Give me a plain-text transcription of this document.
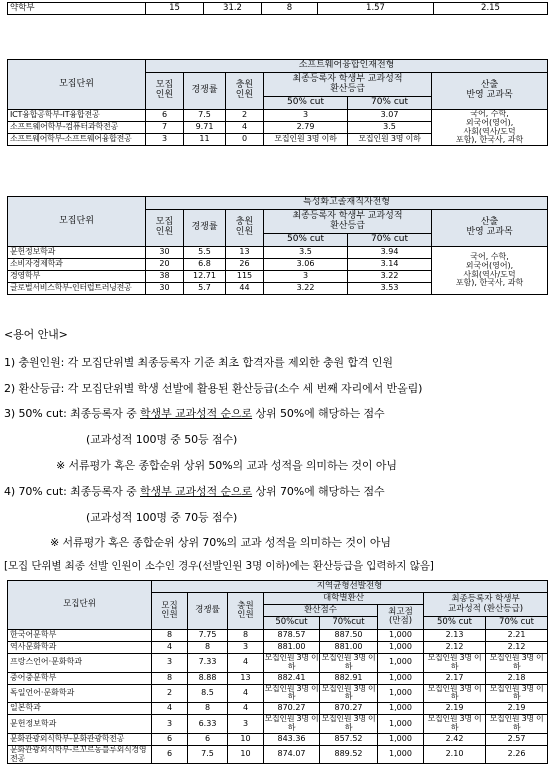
약학부	15	31.2	8	1.57	2.15
모집단위	소프트웨어융합인재전형					
	모집
인원	경쟁률	충원
인원	최종등록자 학생부 교과성적
환산등급		산출
반영 교과목

				50% cut	70% cut	
ICT융합공학부-IT융합전공	6	7.5	2	3	3.07	국어, 수학,
외국어(영어),
사회(역사/도덕
포함), 한국사, 과학
소프트웨어학부-컴퓨터과학전공	7	9.71	4	2.79	3.5	
소프트웨어학부-소프트웨어융합전공	3	11	0	모집인원 3명 이하	모집인원 3명 이하	
모집단위	특성화고졸재직자전형					
	모집
인원	경쟁률	충원
인원	최종등록자 학생부 교과성적
환산등급		산출
반영 교과목

				50% cut	70% cut	
문헌정보학과	30	5.5	13	3.5	3.94	국어, 수학,
외국어(영어),
사회(역사/도덕
포함), 한국사, 과학
소비자경제학과	20	6.8	26	3.06	3.14	
경영학부	38	12.71	115	3	3.22	
글로벌서비스학부-인터럽트러닝전공	30	5.7	44	3.22	3.53	
<용어 안내>
1) 충원인원: 각 모집단위별 최종등록자 기준 최초 합격자를 제외한 충원 합격 인원
2) 환산등급: 각 모집단위별 학생 선발에 활용된 환산등급(소수 세 번째 자리에서 반올림)
3) 50% cut: 최종등록자 중 학생부 교과성적 순으로 상위 50%에 해당하는 점수
(교과성적 100명 중 50등 점수)
※ 서류평가 혹은 종합순위 상위 50%의 교과 성적을 의미하는 것이 아님
4) 70% cut: 최종등록자 중 학생부 교과성적 순으로 상위 70%에 해당하는 점수
(교과성적 100명 중 70등 점수)
※ 서류평가 혹은 종합순위 상위 70%의 교과 성적을 의미하는 것이 아님
[모집 단위별 최종 선발 인원이 소수인 경우(선발인원 3명 이하)에는 환산등급을 입력하지 않음]
모집단위	지역균형선발전형							
	모집
인원	경쟁률	충원
인원	대학별환산			최종등록자 학생부
교과성적 (환산등급)	
				환산점수		최고점
(만점)		
				50%cut	70%cut		50% cut	70% cut
한국어문학부	8	7.75	8	878.57	887.50	1,000	2.13	2.21
역사문화학과	4	8	3	881.00	881.00	1,000	2.12	2.12
프랑스언어·문화학과	3	7.33	4	모집인원 3명 이하	모집인원 3명 이하	1,000	모집인원 3명 이하	모집인원 3명 이하
중어중문학부	8	8.88	13	882.41	882.91	1,000	2.17	2.18
독일언어·문화학과	2	8.5	4	모집인원 3명 이하	모집인원 3명 이하	1,000	모집인원 3명 이하	모집인원 3명 이하
일본학과	4	8	4	870.27	870.27	1,000	2.19	2.19
문헌정보학과	3	6.33	3	모집인원 3명 이하	모집인원 3명 이하	1,000	모집인원 3명 이하	모집인원 3명 이하
문화관광외식학부-문화관광학전공	6	6	10	843.36	857.52	1,000	2.42	2.57
문화관광외식학부-르꼬르동블루외식경영전공	6	7.5	10	874.07	889.52	1,000	2.10	2.26
